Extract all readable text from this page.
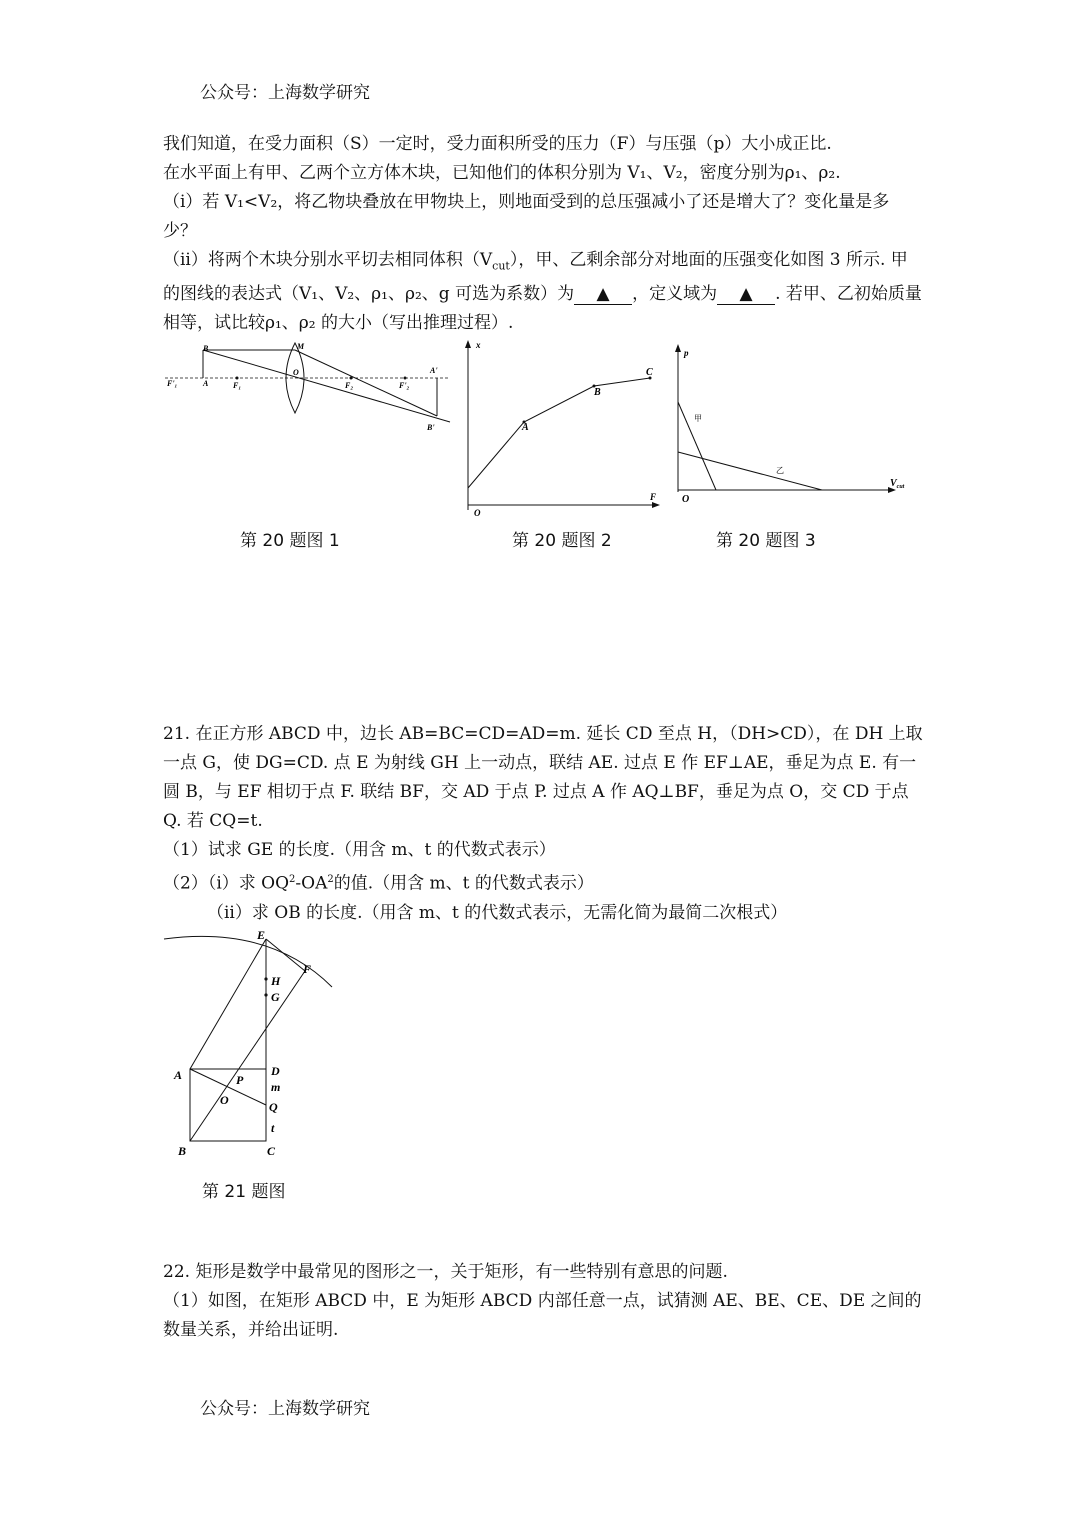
公众号：上海数学研究

我们知道，在受力面积（S）一定时，受力面积所受的压力（F）与压强（p）大小成正比.

在水平面上有甲、乙两个立方体木块，已知他们的体积分别为 V₁、V₂，密度分别为ρ₁、ρ₂.

（i）若 V₁<V₂，将乙物块叠放在甲物块上，则地面受到的总压强减小了还是增大了？变化量是多少？

（ii）将两个木块分别水平切去相同体积$(V_{cut})$，甲、乙剩余部分对地面的压强变化如图 3 所示. 甲的图线的表达式（V₁、V₂、ρ₁、ρ₂、g 可选为系数）为 ▲ ，定义域为 ▲ . 若甲、乙初始质量相等，试比较ρ₁、ρ₂ 的大小（写出推理过程）.

B	M
F'₁	A	F₁
O
F₂	F'₂
A'
B'
x
O
F
A
B
C
p
O
$V_{cut}$
甲
乙
第 20 题图 1	第 20 题图 2	第 20 题图 3

21. 在正方形 ABCD 中，边长 AB=BC=CD=AD=m. 延长 CD 至点 H，（DH>CD），在 DH 上取一点 G，使 DG=CD. 点 E 为射线 GH 上一动点，联结 AE. 过点 E 作 EF⊥AE，垂足为点 E. 有一圆 B，与 EF 相切于点 F. 联结 BF，交 AD 于点 P. 过点 A 作 AQ⊥BF，垂足为点 O，交 CD 于点 Q. 若 CQ=t.

（1）试求 GE 的长度.（用含 m、t 的代数式表示）

（2）（i）求 $OQ^2-OA^2$的值.（用含 m、t 的代数式表示）

（ii）求 OB 的长度.（用含 m、t 的代数式表示，无需化简为最简二次根式）

E
F
H
G
A	P
D
m
O	Q
t
B	C
第 21 题图

22. 矩形是数学中最常见的图形之一，关于矩形，有一些特别有意思的问题.

（1）如图，在矩形 ABCD 中，E 为矩形 ABCD 内部任意一点，试猜测 AE、BE、CE、DE 之间的数量关系，并给出证明.

公众号：上海数学研究
